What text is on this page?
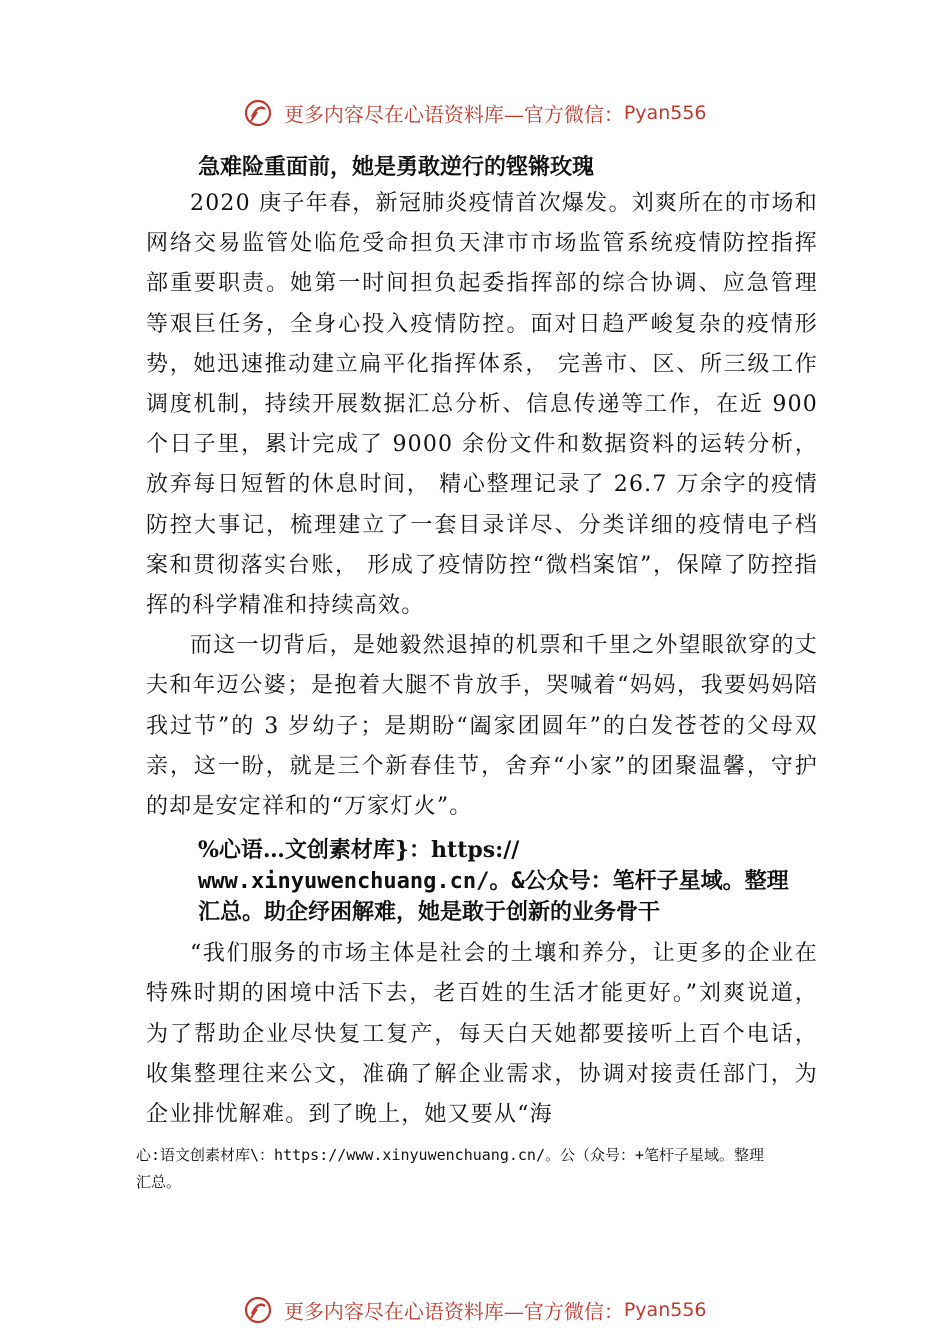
更多内容尽在心语资料库—官方微信：Pyan556

急难险重面前，她是勇敢逆行的铿锵玫瑰

2020 庚子年春，新冠肺炎疫情首次爆发。刘爽所在的市场和网络交易监管处临危受命担负天津市市场监管系统疫情防控指挥部重要职责。她第一时间担负起委指挥部的综合协调、应急管理等艰巨任务，全身心投入疫情防控。面对日趋严峻复杂的疫情形势，她迅速推动建立扁平化指挥体系， 完善市、区、所三级工作调度机制，持续开展数据汇总分析、信息传递等工作，在近 900 个日子里，累计完成了 9000 余份文件和数据资料的运转分析，放弃每日短暂的休息时间， 精心整理记录了 26.7 万余字的疫情防控大事记，梳理建立了一套目录详尽、分类详细的疫情电子档案和贯彻落实台账， 形成了疫情防控“微档案馆”，保障了防控指挥的科学精准和持续高效。

而这一切背后，是她毅然退掉的机票和千里之外望眼欲穿的丈夫和年迈公婆；是抱着大腿不肯放手，哭喊着“妈妈，我要妈妈陪我过节”的 3 岁幼子；是期盼“阖家团圆年”的白发苍苍的父母双亲，这一盼，就是三个新春佳节，舍弃“小家”的团聚温馨，守护的却是安定祥和的“万家灯火”。

%心语…文创素材库}：https://
www.xinyuwenchuang.cn/。&公众号：笔杆子星域。整理
汇总。助企纾困解难，她是敢于创新的业务骨干

“我们服务的市场主体是社会的土壤和养分，让更多的企业在特殊时期的困境中活下去，老百姓的生活才能更好。”刘爽说道，为了帮助企业尽快复工复产，每天白天她都要接听上百个电话，收集整理往来公文，准确了解企业需求，协调对接责任部门，为企业排忧解难。到了晚上，她又要从“海

心:语文创素材库\：https://www.xinyuwenchuang.cn/。公（众号：+笔杆子星域。整理
汇总。
更多内容尽在心语资料库—官方微信：Pyan556
